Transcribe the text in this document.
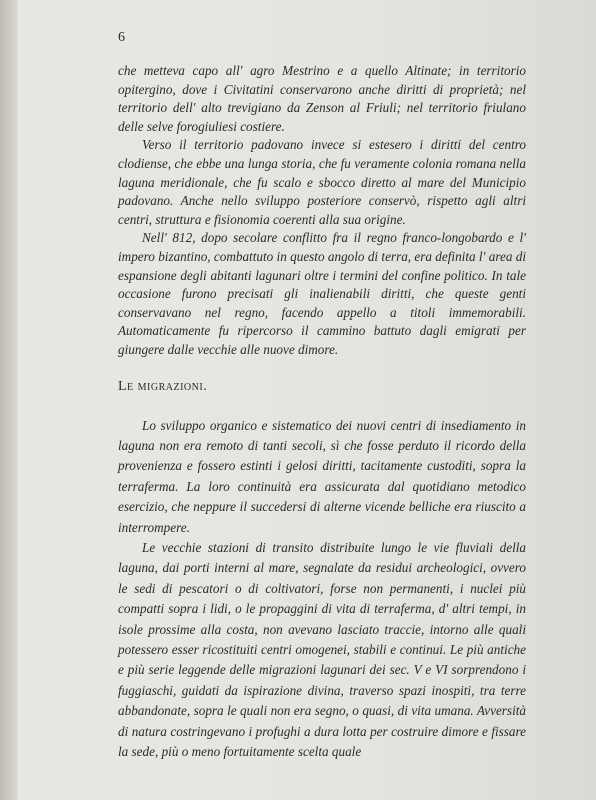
6

che metteva capo all' agro Mestrino e a quello Altinate; in territorio opitergino, dove i Civitatini conservarono anche diritti di proprietà; nel territorio dell' alto trevigiano da Zenson al Friuli; nel territorio friulano delle selve forogiuliesi costiere.

Verso il territorio padovano invece si estesero i diritti del centro clodiense, che ebbe una lunga storia, che fu veramente colonia romana nella laguna meridionale, che fu scalo e sbocco diretto al mare del Municipio padovano. Anche nello sviluppo posteriore conservò, rispetto agli altri centri, struttura e fisionomia coerenti alla sua origine.

Nell' 812, dopo secolare conflitto fra il regno franco-longobardo e l' impero bizantino, combattuto in questo angolo di terra, era definita l' area di espansione degli abitanti lagunari oltre i termini del confine politico. In tale occasione furono precisati gli inalienabili diritti, che queste genti conservavano nel regno, facendo appello a titoli immemorabili. Automaticamente fu ripercorso il cammino battuto dagli emigrati per giungere dalle vecchie alle nuove dimore.

Le migrazioni.

Lo sviluppo organico e sistematico dei nuovi centri di insediamento in laguna non era remoto di tanti secoli, sì che fosse perduto il ricordo della provenienza e fossero estinti i gelosi diritti, tacitamente custoditi, sopra la terraferma. La loro continuità era assicurata dal quotidiano metodico esercizio, che neppure il succedersi di alterne vicende belliche era riuscito a interrompere.

Le vecchie stazioni di transito distribuite lungo le vie fluviali della laguna, dai porti interni al mare, segnalate da residui archeologici, ovvero le sedi di pescatori o di coltivatori, forse non permanenti, i nuclei più compatti sopra i lidi, o le propaggini di vita di terraferma, d' altri tempi, in isole prossime alla costa, non avevano lasciato traccie, intorno alle quali potessero esser ricostituiti centri omogenei, stabili e continui. Le più antiche e più serie leggende delle migrazioni lagunari dei sec. V e VI sorprendono i fuggiaschi, guidati da ispirazione divina, traverso spazi inospiti, tra terre abbandonate, sopra le quali non era segno, o quasi, di vita umana. Avversità di natura costringevano i profughi a dura lotta per costruire dimore e fissare la sede, più o meno fortuitamente scelta quale
